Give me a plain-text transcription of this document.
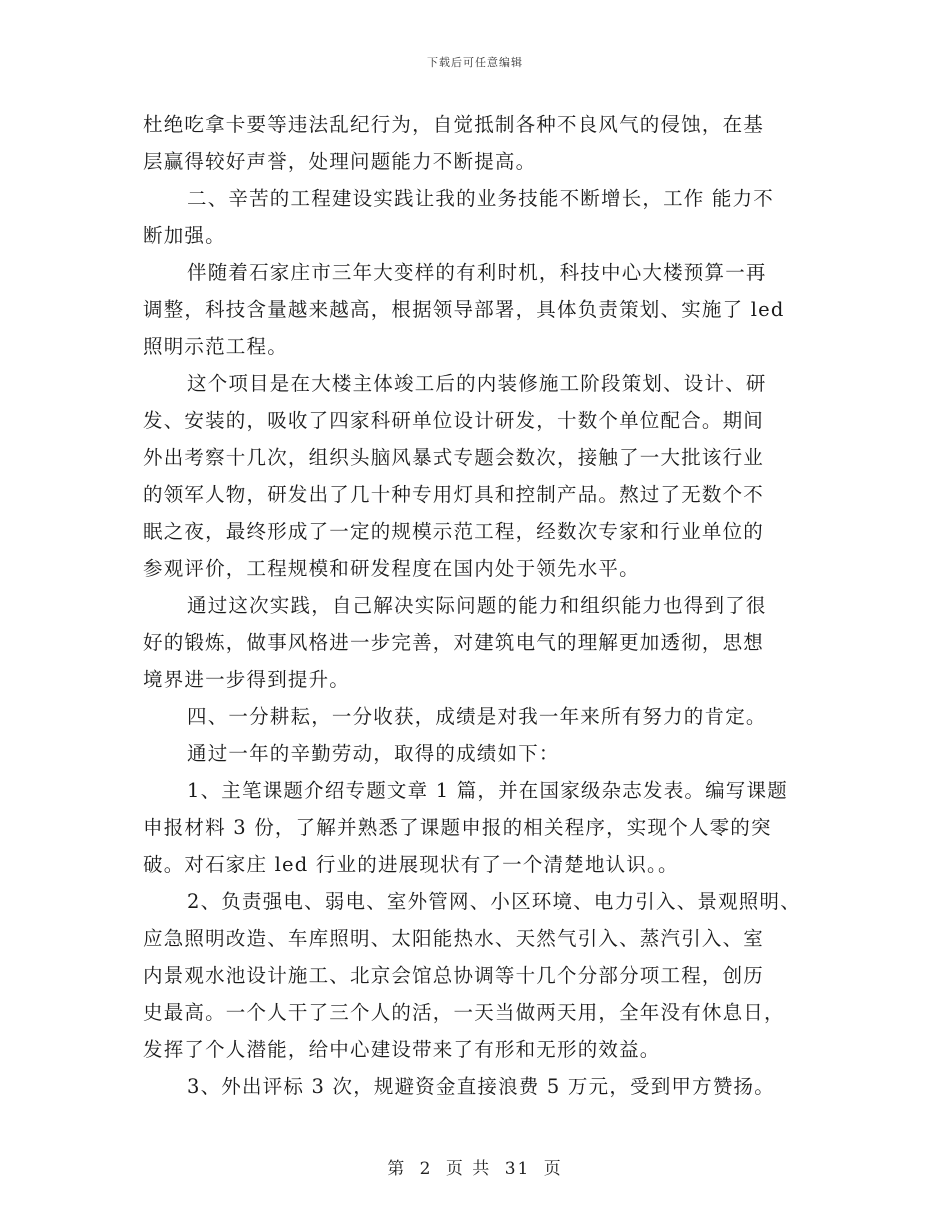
下载后可任意编辑
杜绝吃拿卡要等违法乱纪行为，自觉抵制各种不良风气的侵蚀，在基
层赢得较好声誉，处理问题能力不断提高。
二、辛苦的工程建设实践让我的业务技能不断增长，工作 能力不
断加强。
伴随着石家庄市三年大变样的有利时机，科技中心大楼预算一再
调整，科技含量越来越高，根据领导部署，具体负责策划、实施了 led
照明示范工程。
这个项目是在大楼主体竣工后的内装修施工阶段策划、设计、研
发、安装的，吸收了四家科研单位设计研发，十数个单位配合。期间
外出考察十几次，组织头脑风暴式专题会数次，接触了一大批该行业
的领军人物，研发出了几十种专用灯具和控制产品。熬过了无数个不
眠之夜，最终形成了一定的规模示范工程，经数次专家和行业单位的
参观评价，工程规模和研发程度在国内处于领先水平。
通过这次实践，自己解决实际问题的能力和组织能力也得到了很
好的锻炼，做事风格进一步完善，对建筑电气的理解更加透彻，思想
境界进一步得到提升。
四、一分耕耘，一分收获，成绩是对我一年来所有努力的肯定。
通过一年的辛勤劳动，取得的成绩如下：
1、主笔课题介绍专题文章 1 篇，并在国家级杂志发表。编写课题
申报材料 3 份，了解并熟悉了课题申报的相关程序，实现个人零的突
破。对石家庄 led 行业的进展现状有了一个清楚地认识。。
2、负责强电、弱电、室外管网、小区环境、电力引入、景观照明、
应急照明改造、车库照明、太阳能热水、天然气引入、蒸汽引入、室
内景观水池设计施工、北京会馆总协调等十几个分部分项工程，创历
史最高。一个人干了三个人的活，一天当做两天用，全年没有休息日，
发挥了个人潜能，给中心建设带来了有形和无形的效益。
3、外出评标 3 次，规避资金直接浪费 5 万元，受到甲方赞扬。
第 2 页 共 31 页
